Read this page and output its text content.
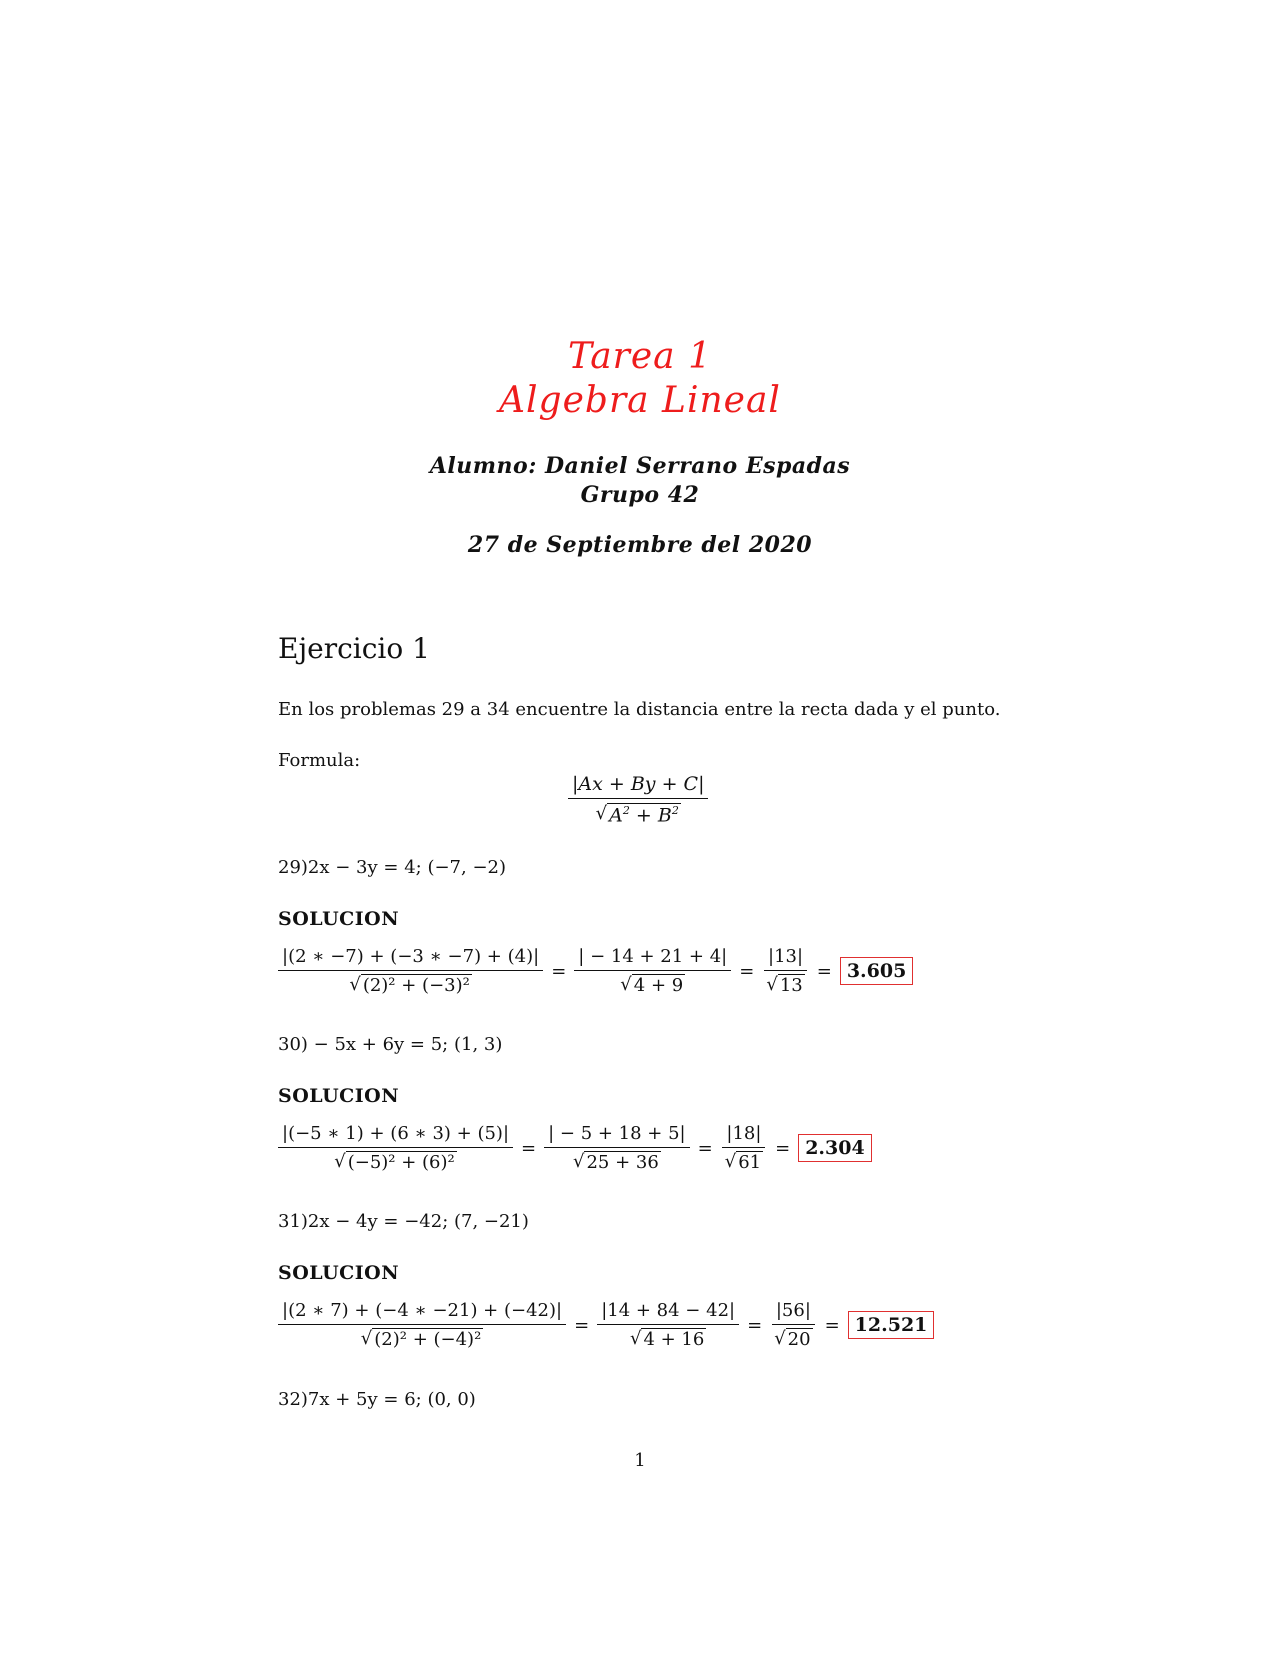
Tarea 1
Algebra Lineal
Alumno: Daniel Serrano Espadas
Grupo 42
27 de Septiembre del 2020
Ejercicio 1
En los problemas 29 a 34 encuentre la distancia entre la recta dada y el punto.
Formula:
$\frac{|Ax + By + C|}{√ A^2 + B^2}$
29)2x − 3y = 4; (−7, −2)
SOLUCION
$\frac{|(2 ∗ -7) + (-3 ∗ -7) + (4)|}{\text{√ (2)² + (−3)²}} = \frac{| - 14 + 21 + 4|}{√ 4 + 9} = \frac{|13|}{√ 13} = 3.605$
30) − 5x + 6y = 5; (1, 3)
SOLUCION
$\frac{|(-5 ∗ 1) + (6 ∗ 3) + (5)|}{\text{√ (−5)² + (6)²}} = \frac{| - 5 + 18 + 5|}{√ 25 + 36} = \frac{|18|}{√ 61} = 2.304$
31)2x − 4y = −42; (7, −21)
SOLUCION
$\frac{|(2 ∗ 7) + (-4 ∗ -21) + (-42)|}{\text{√ (2)² + (−4)²}} = \frac{|14 + 84 - 42|}{√ 4 + 16} = \frac{|56|}{√ 20} = 12.521$
32)7x + 5y = 6; (0, 0)
1
